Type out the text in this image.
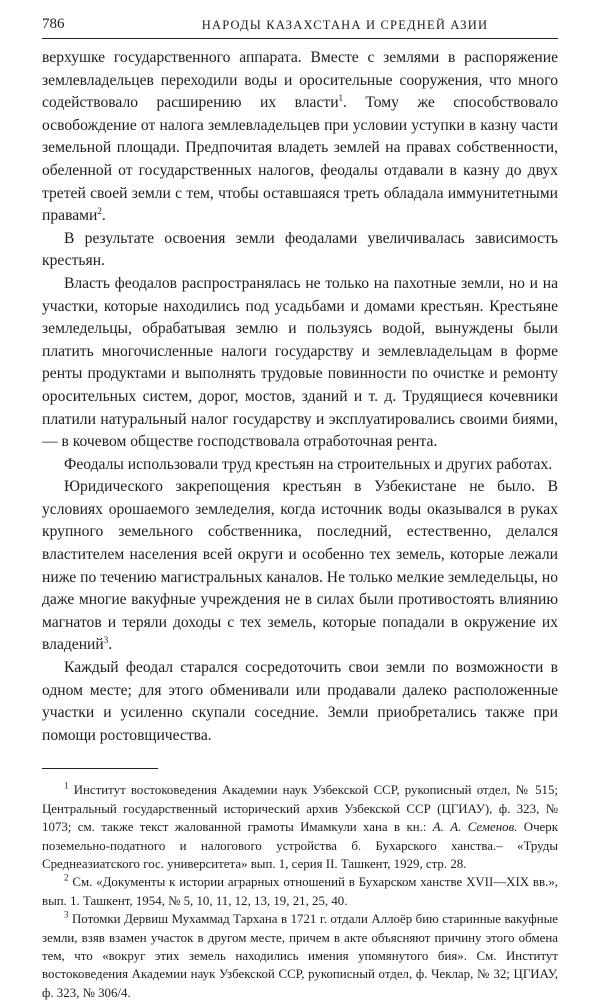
786	НАРОДЫ КАЗАХСТАНА И СРЕДНЕЙ АЗИИ

верхушке государственного аппарата. Вместе с землями в распоряжение землевладельцев переходили воды и оросительные сооружения, что много содействовало расширению их власти$^1$. Тому же способствовало освобождение от налога землевладельцев при условии уступки в казну части земельной площади. Предпочитая владеть землей на правах собственности, обеленной от государственных налогов, феодалы отдавали в казну до двух третей своей земли с тем, чтобы оставшаяся треть обладала иммунитетными правами$^2$.

В результате освоения земли феодалами увеличивалась зависимость крестьян.

Власть феодалов распространялась не только на пахотные земли, но и на участки, которые находились под усадьбами и домами крестьян. Крестьяне земледельцы, обрабатывая землю и пользуясь водой, вынуждены были платить многочисленные налоги государству и землевладельцам в форме ренты продуктами и выполнять трудовые повинности по очистке и ремонту оросительных систем, дорог, мостов, зданий и т. д. Трудящиеся кочевники платили натуральный налог государству и эксплуатировались своими биями,— в кочевом обществе господствовала отработочная рента.

Феодалы использовали труд крестьян на строительных и других работах.

Юридического закрепощения крестьян в Узбекистане не было. В условиях орошаемого земледелия, когда источник воды оказывался в руках крупного земельного собственника, последний, естественно, делался властителем населения всей округи и особенно тех земель, которые лежали ниже по течению магистральных каналов. Не только мелкие земледельцы, но даже многие вакуфные учреждения не в силах были противостоять влиянию магнатов и теряли доходы с тех земель, которые попадали в окружение их владений$^3$.

Каждый феодал старался сосредоточить свои земли по возможности в одном месте; для этого обменивали или продавали далеко расположенные участки и усиленно скупали соседние. Земли приобретались также при помощи ростовщичества.

$^1$ Институт востоковедения Академии наук Узбекской ССР, рукописный отдел, № 515; Центральный государственный исторический архив Узбекской ССР (ЦГИАУ), ф. 323, № 1073; см. также текст жалованной грамоты Имамкули хана в кн.: А. А. Семенов. Очерк поземельно-податного и налогового устройства б. Бухарского ханства.– «Труды Среднеазиатского гос. университета» вып. 1, серия II. Ташкент, 1929, стр. 28.

$^2$ См. «Документы к истории аграрных отношений в Бухарском ханстве XVII—XIX вв.», вып. 1. Ташкент, 1954, № 5, 10, 11, 12, 13, 19, 21, 25, 40.

$^3$ Потомки Дервиш Мухаммад Тархана в 1721 г. отдали Аллоёр бию старинные вакуфные земли, взяв взамен участок в другом месте, причем в акте объясняют причину этого обмена тем, что «вокруг этих земель находились имения упомянутого бия». См. Институт востоковедения Академии наук Узбекской ССР, рукописный отдел, ф. Чеклар, № 32; ЦГИАУ, ф. 323, № 306/4.
